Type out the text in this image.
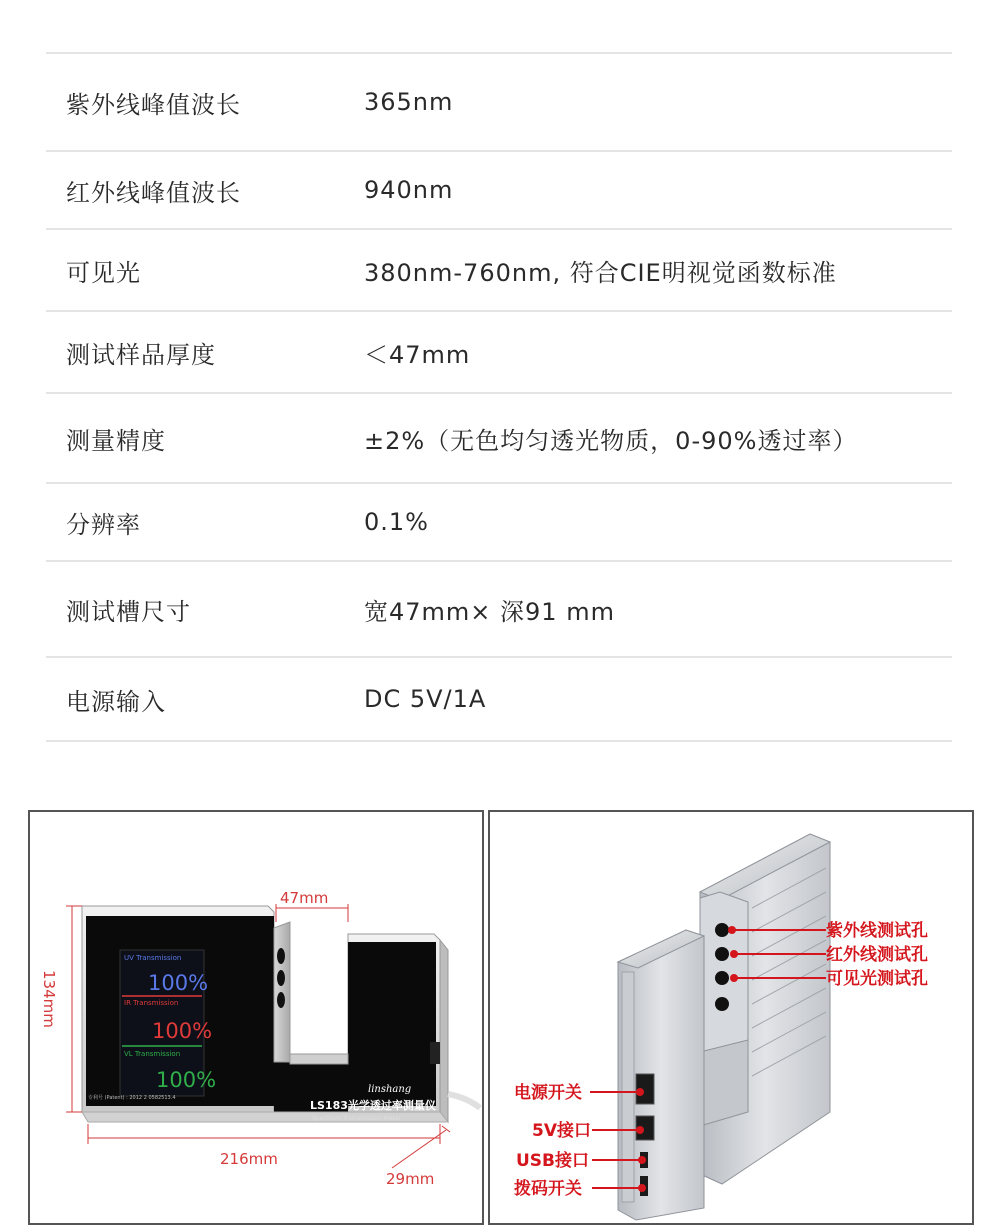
紫外线峰值波长	365nm
红外线峰值波长	940nm
可见光	380nm-760nm, 符合CIE明视觉函数标准
测试样品厚度	＜47mm
测量精度	±2%（无色均匀透光物质，0-90%透过率）
分辨率	0.1%
测试槽尺寸	宽47mm× 深91 mm
电源输入	DC 5V/1A
UV Transmission
100%
IR Transmission
100%
VL Transmission
100%
专利号 (Patent) : 2012 2 0582513.4
linshang
LS183光学透过率测量仪
Spectrum Transmission Meter
47mm
134mm
216mm
29mm
紫外线测试孔
红外线测试孔
可见光测试孔
电源开关
5V接口
USB接口
拨码开关
